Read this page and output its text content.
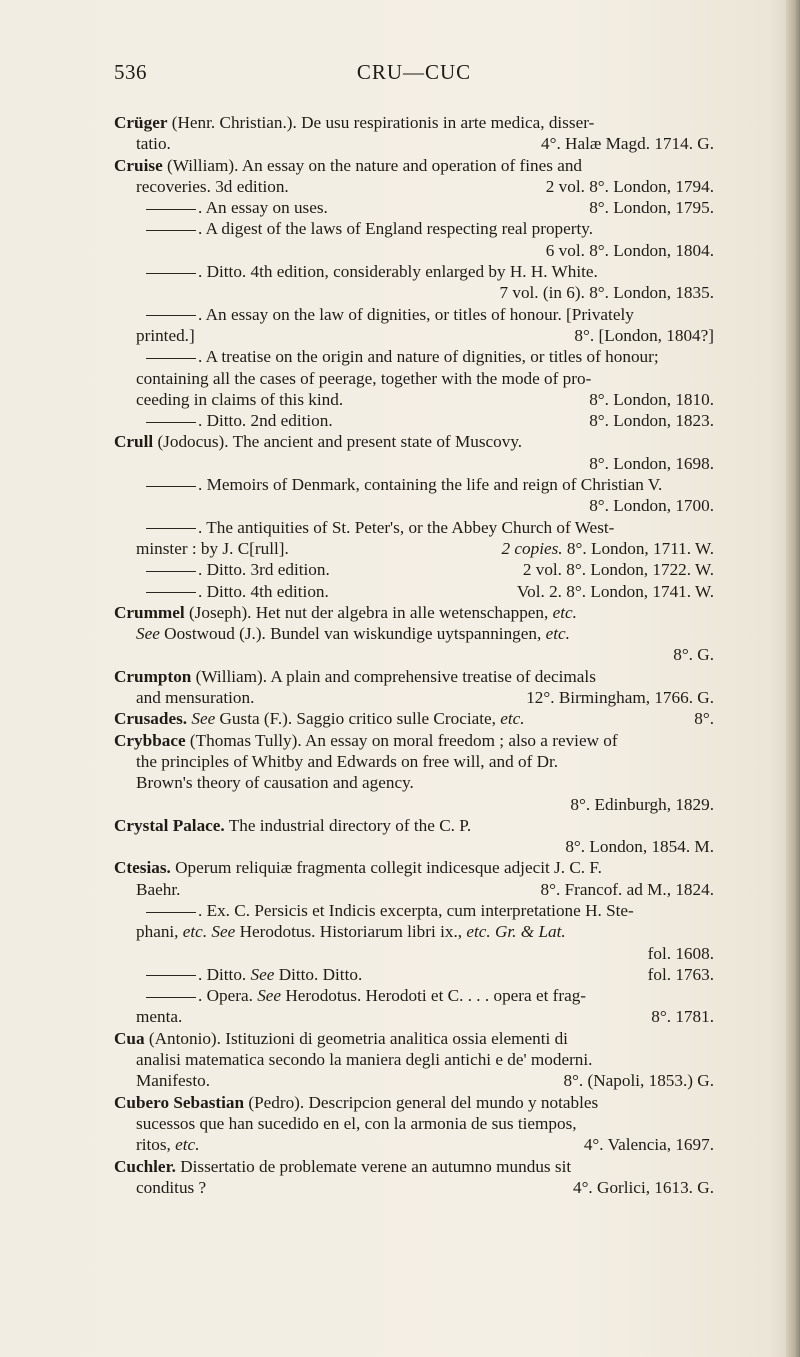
536	CRU—CUC
Crüger (Henr. Christian.). De usu respirationis in arte medica, disser-
tatio.	4°. Halæ Magd. 1714. G.
Cruise (William). An essay on the nature and operation of fines and
recoveries. 3d edition.	2 vol. 8°. London, 1794.
. An essay on uses.	8°. London, 1795.
. A digest of the laws of England respecting real property.
6 vol. 8°. London, 1804.
. Ditto. 4th edition, considerably enlarged by H. H. White.
7 vol. (in 6). 8°. London, 1835.
. An essay on the law of dignities, or titles of honour. [Privately
printed.]	8°. [London, 1804?]
. A treatise on the origin and nature of dignities, or titles of honour;
containing all the cases of peerage, together with the mode of pro-
ceeding in claims of this kind.	8°. London, 1810.
. Ditto. 2nd edition.	8°. London, 1823.
Crull (Jodocus). The ancient and present state of Muscovy.
8°. London, 1698.
. Memoirs of Denmark, containing the life and reign of Christian V.
8°. London, 1700.
. The antiquities of St. Peter's, or the Abbey Church of West-
minster : by J. C[rull].	2 copies. 8°. London, 1711. W.
. Ditto. 3rd edition.	2 vol. 8°. London, 1722. W.
. Ditto. 4th edition.	Vol. 2. 8°. London, 1741. W.
Crummel (Joseph). Het nut der algebra in alle wetenschappen, etc.
See Oostwoud (J.). Bundel van wiskundige uytspanningen, etc.
8°. G.
Crumpton (William). A plain and comprehensive treatise of decimals
and mensuration.	12°. Birmingham, 1766. G.
Crusades. See Gusta (F.). Saggio critico sulle Crociate, etc.	8°.
Crybbace (Thomas Tully). An essay on moral freedom ; also a review of
the principles of Whitby and Edwards on free will, and of Dr.
Brown's theory of causation and agency.
8°. Edinburgh, 1829.
Crystal Palace. The industrial directory of the C. P.
8°. London, 1854. M.
Ctesias. Operum reliquiæ fragmenta collegit indicesque adjecit J. C. F.
Baehr.	8°. Francof. ad M., 1824.
. Ex. C. Persicis et Indicis excerpta, cum interpretatione H. Ste-
phani, etc. See Herodotus. Historiarum libri ix., etc. Gr. & Lat.
fol. 1608.
. Ditto. See Ditto. Ditto.	fol. 1763.
. Opera. See Herodotus. Herodoti et C. . . . opera et frag-
menta.	8°. 1781.
Cua (Antonio). Istituzioni di geometria analitica ossia elementi di
analisi matematica secondo la maniera degli antichi e de' moderni.
Manifesto.	8°. (Napoli, 1853.) G.
Cubero Sebastian (Pedro). Descripcion general del mundo y notables
sucessos que han sucedido en el, con la armonia de sus tiempos,
ritos, etc.	4°. Valencia, 1697.
Cuchler. Dissertatio de problemate verene an autumno mundus sit
conditus ?	4°. Gorlici, 1613. G.
